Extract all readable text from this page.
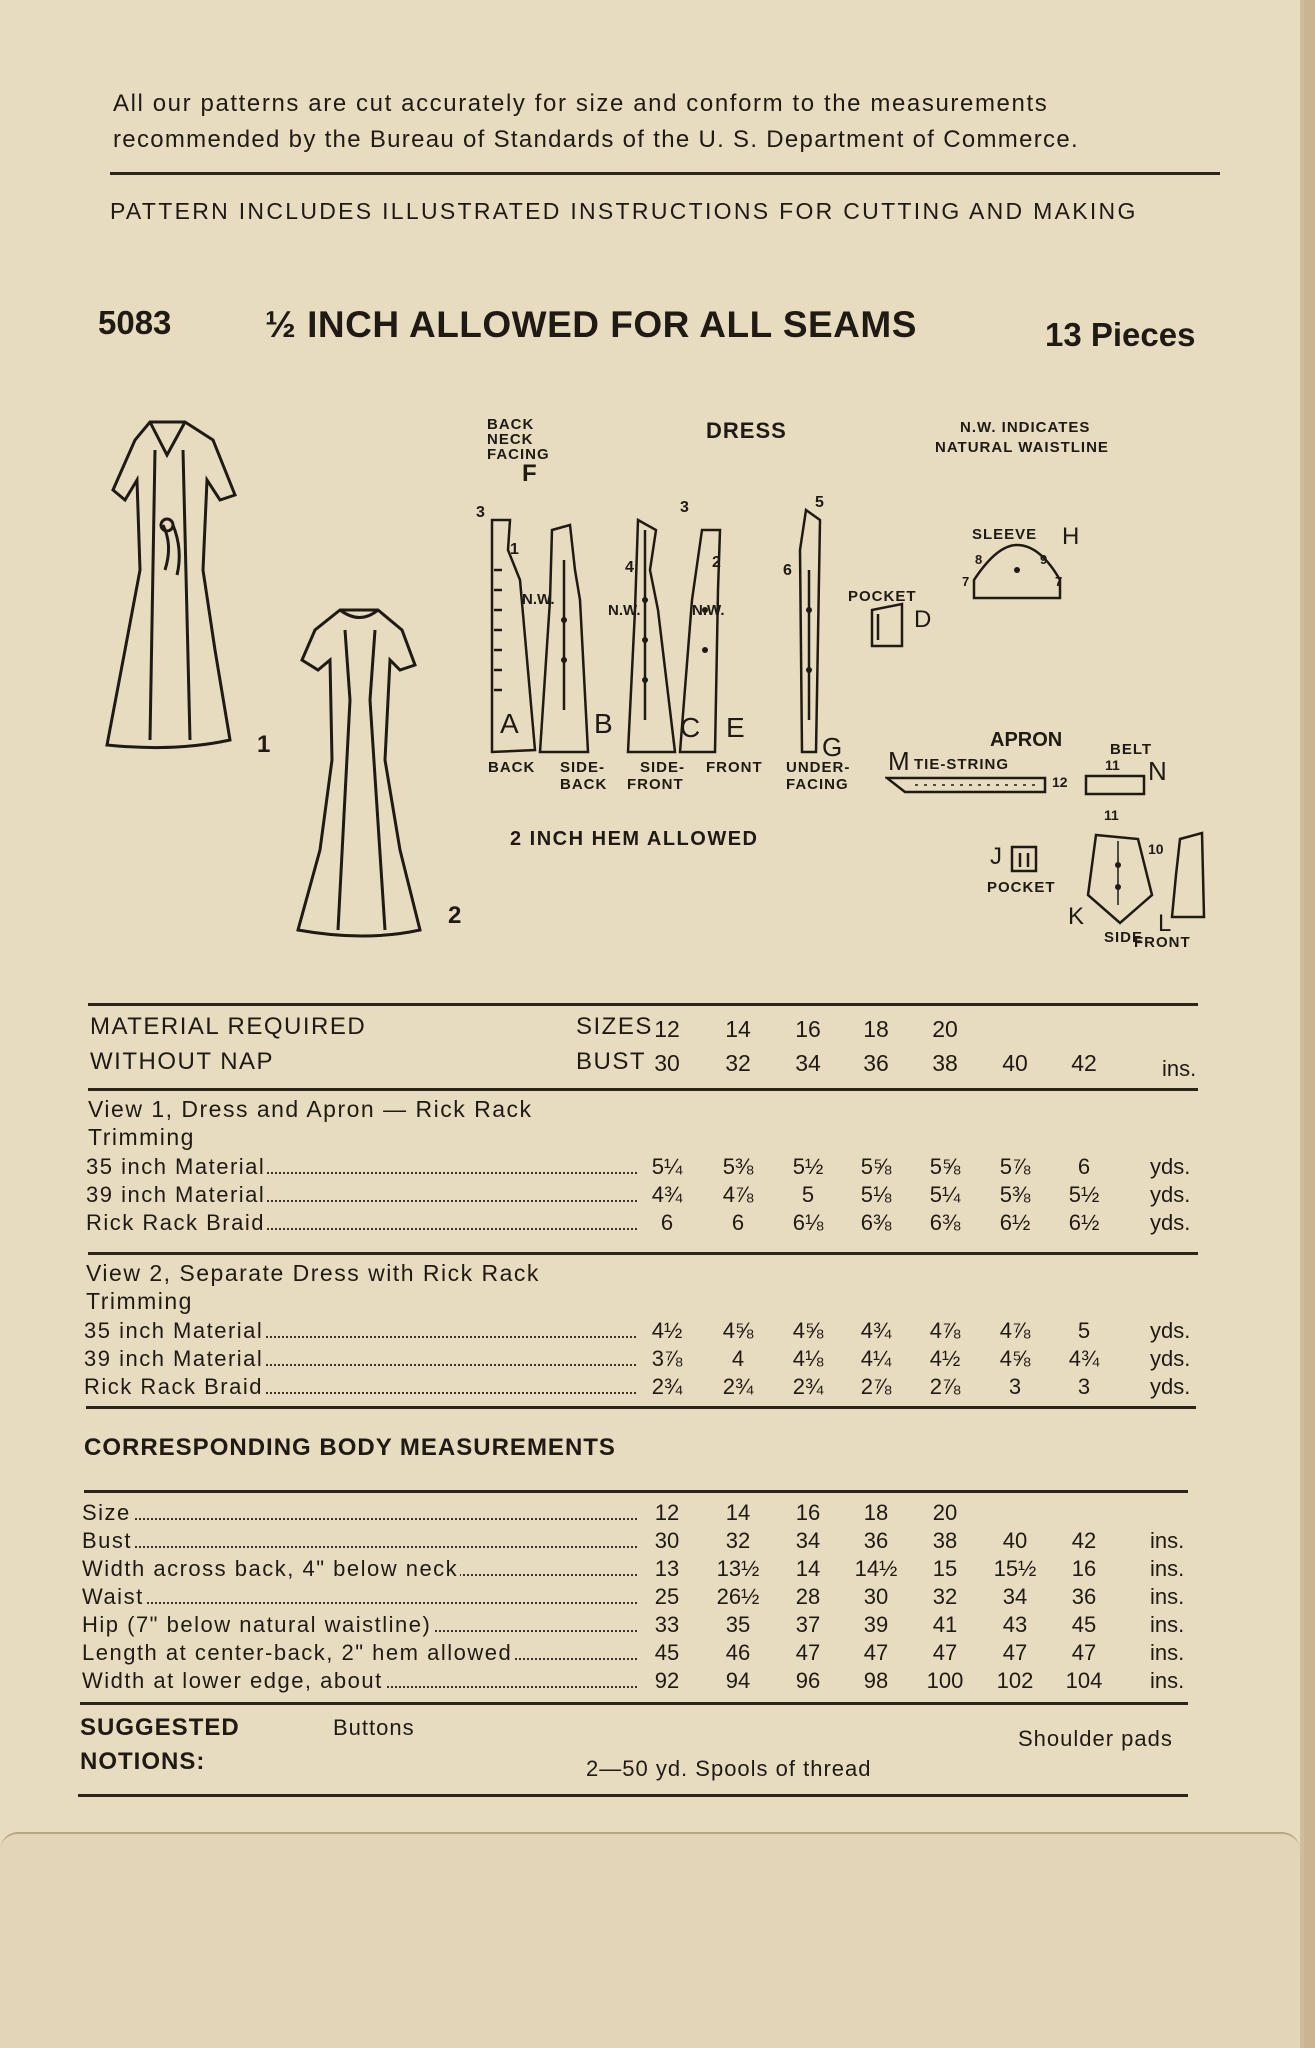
All our patterns are cut accurately for size and conform to the measurements
recommended by the Bureau of Standards of the U. S. Department of Commerce.
PATTERN INCLUDES ILLUSTRATED INSTRUCTIONS FOR CUTTING AND MAKING
5083	½ INCH ALLOWED FOR ALL SEAMS	13 Pieces
1
2
BACK
NECK
FACING
F
DRESS	N.W. INDICATES
NATURAL WAISTLINE
1
2
3	3
4
5
6
N.W.
N.W.	N.W.
A	B C E
G
BACK SIDE-
BACK
SIDE-
FRONT
FRONT UNDER-
FACING
POCKET
D
SLEEVE H
8	9
7	7
2 INCH HEM ALLOWED
APRON
M TIE-STRING
12
BELT
N
11
11
J
POCKET
10
K
SIDE
L
FRONT
MATERIAL REQUIRED
WITHOUT NAP
SIZES
BUST
12	14	16	18	20
30	32	34	36	38	40	42	ins.
View 1, Dress and Apron — Rick Rack
Trimming
35 inch Material	5¼	5⅜	5½	5⅝	5⅝	5⅞	6	yds.
39 inch Material	4¾	4⅞	5	5⅛	5¼	5⅜	5½	yds.
Rick Rack Braid	6	6	6⅛	6⅜	6⅜	6½	6½	yds.
View 2, Separate Dress with Rick Rack
Trimming
35 inch Material	4½	4⅝	4⅝	4¾	4⅞	4⅞	5	yds.
39 inch Material	3⅞	4	4⅛	4¼	4½	4⅝	4¾	yds.
Rick Rack Braid	2¾	2¾	2¾	2⅞	2⅞	3	3	yds.
CORRESPONDING BODY MEASUREMENTS
Size	12	14	16	18	20
Bust	30	32	34	36	38	40	42	ins.
Width across back, 4" below neck	13	13½	14	14½	15	15½	16	ins.
Waist	25	26½	28	30	32	34	36	ins.
Hip (7" below natural waistline)	33	35	37	39	41	43	45	ins.
Length at center-back, 2" hem allowed	45	46	47	47	47	47	47	ins.
Width at lower edge, about	92	94	96	98	100	102	104	ins.
SUGGESTED
NOTIONS:
Buttons	Shoulder pads
2—50 yd. Spools of thread
